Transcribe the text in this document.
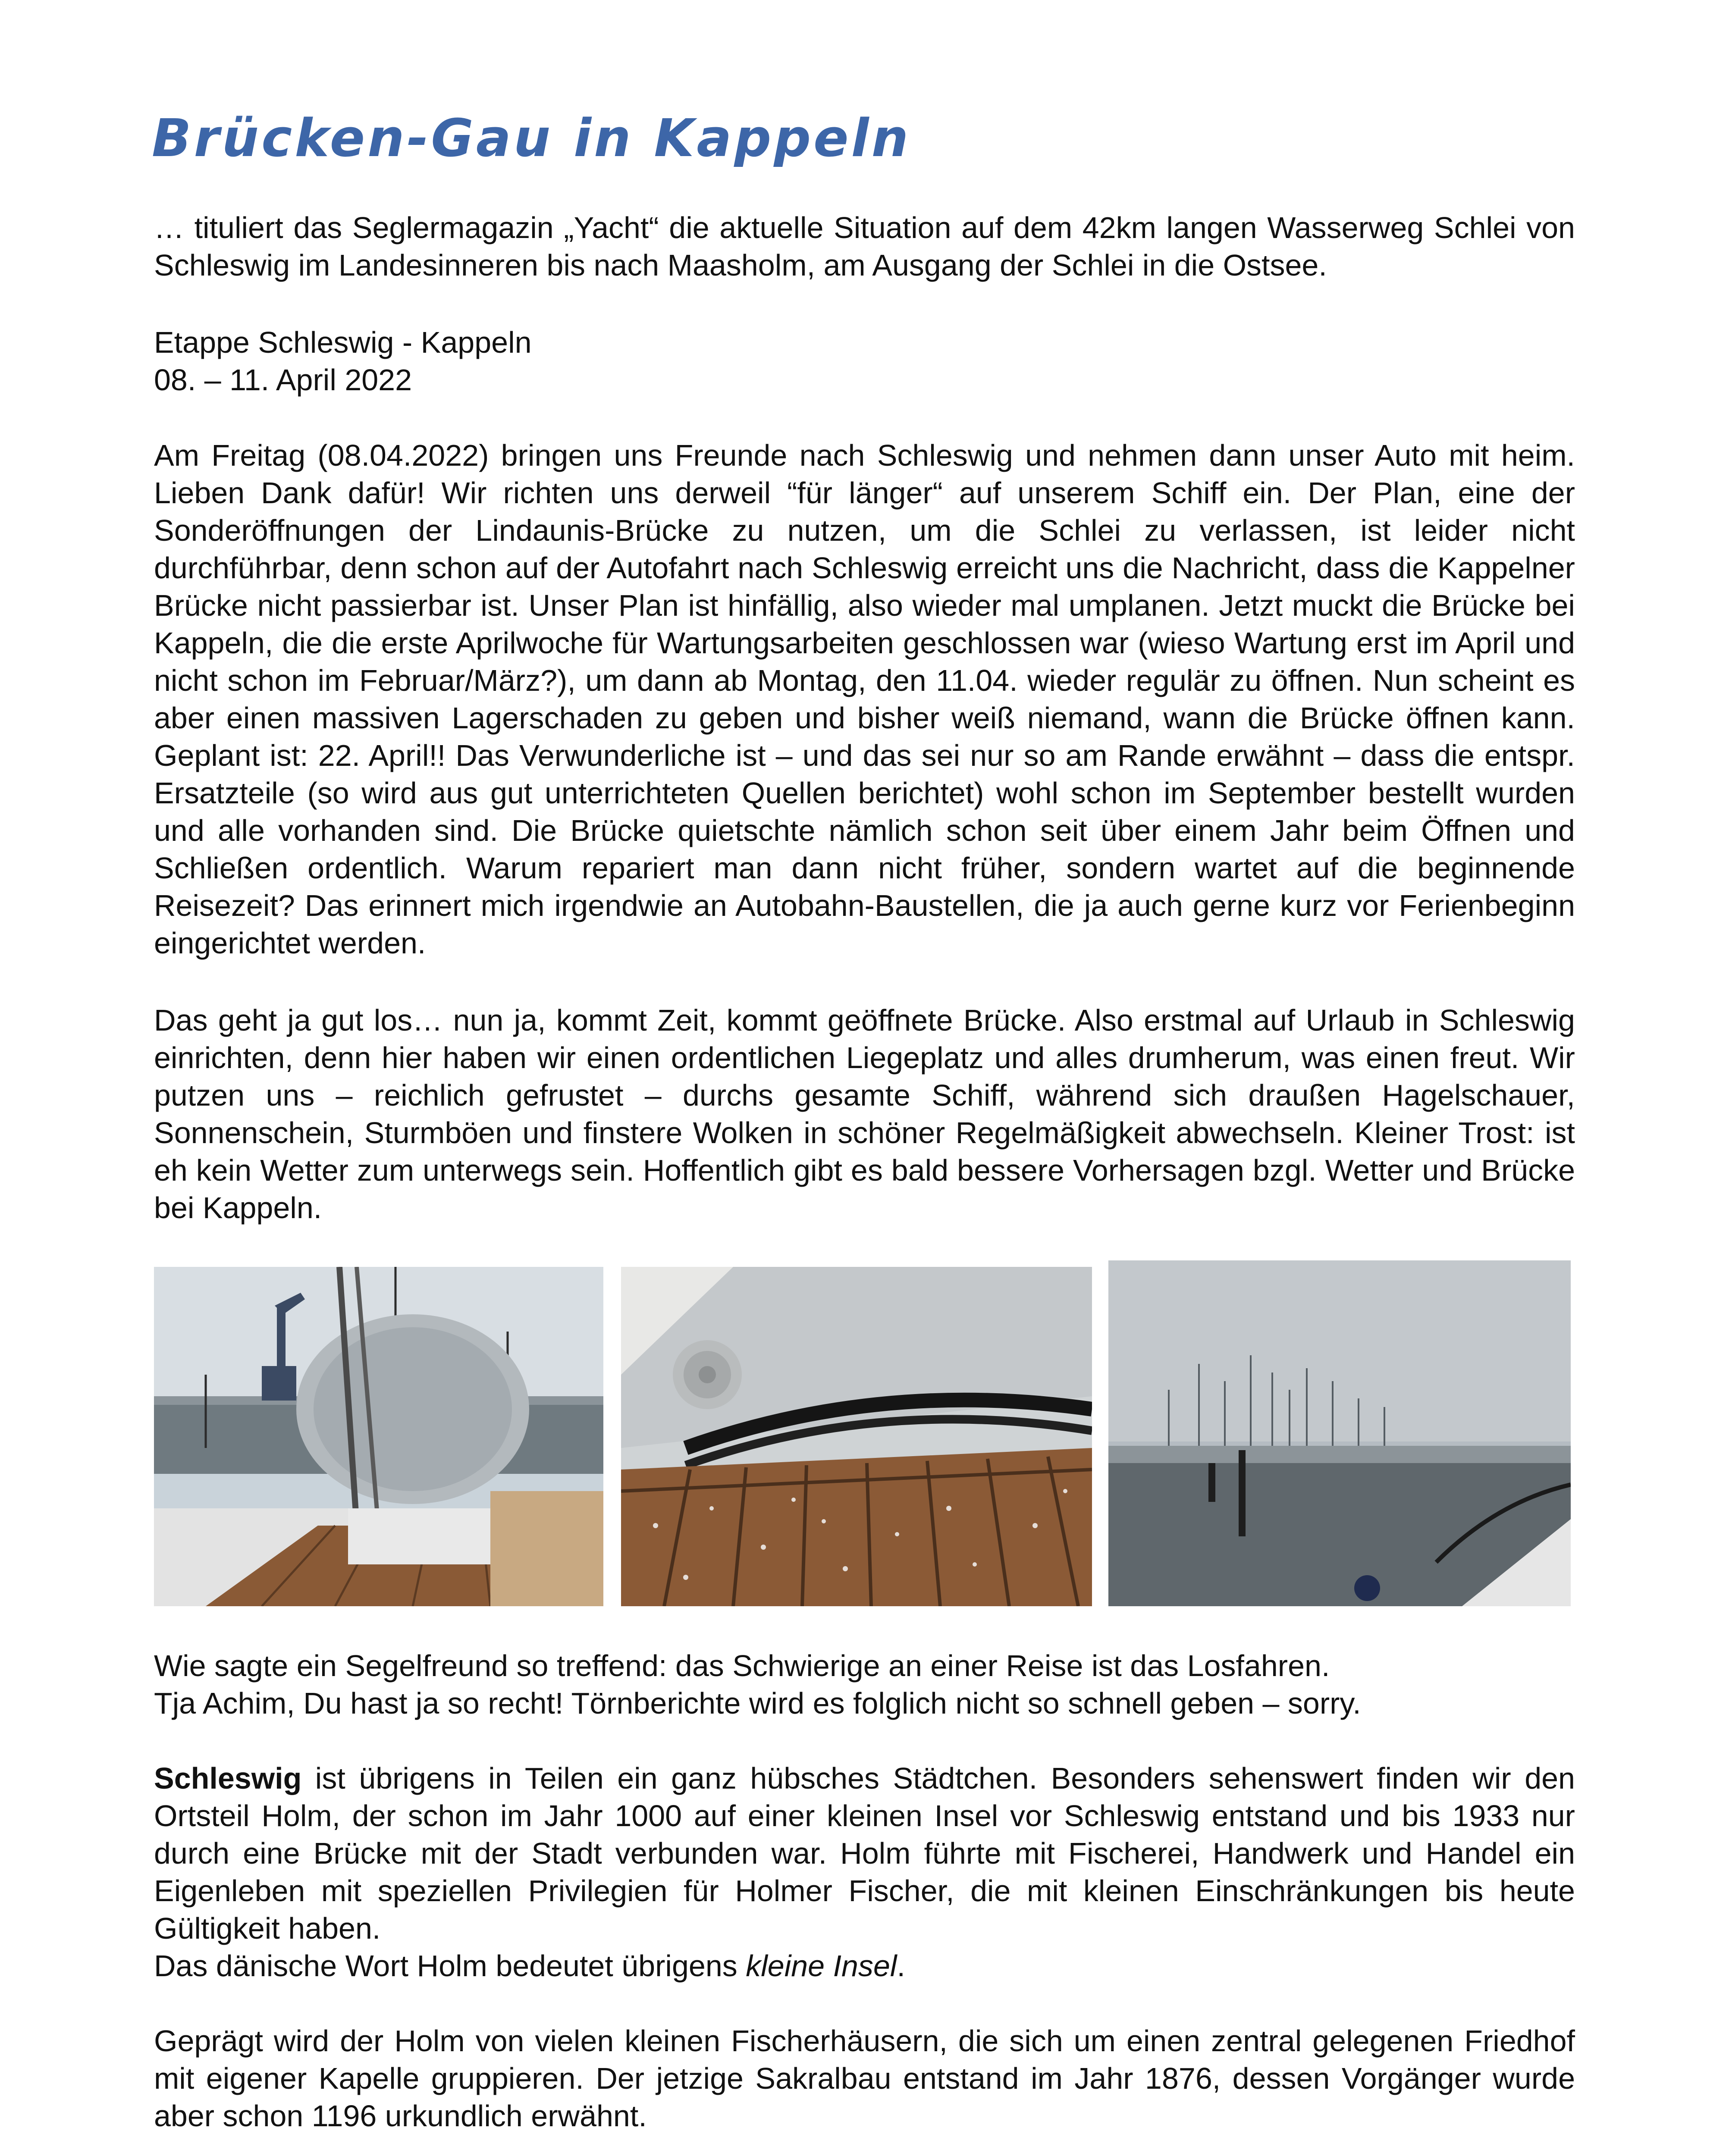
Brücken-Gau in Kappeln

… tituliert das Seglermagazin „Yacht“ die aktuelle Situation auf dem 42km langen Wasserweg Schlei von Schleswig im Landesinneren bis nach Maasholm, am Ausgang der Schlei in die Ostsee.

Etappe Schleswig - Kappeln
08. – 11. April 2022

Am Freitag (08.04.2022) bringen uns Freunde nach Schleswig und nehmen dann unser Auto mit heim. Lieben Dank dafür! Wir richten uns derweil “für länger“ auf unserem Schiff ein. Der Plan, eine der Sonderöffnungen der Lindaunis-Brücke zu nutzen, um die Schlei zu verlassen, ist leider nicht durchführbar, denn schon auf der Autofahrt nach Schleswig erreicht uns die Nachricht, dass die Kappelner Brücke nicht passierbar ist. Unser Plan ist hinfällig, also wieder mal umplanen. Jetzt muckt die Brücke bei Kappeln, die die erste Aprilwoche für Wartungsarbeiten geschlossen war (wieso Wartung erst im April und nicht schon im Februar/März?), um dann ab Montag, den 11.04. wieder regulär zu öffnen. Nun scheint es aber einen massiven Lagerschaden zu geben und bisher weiß niemand, wann die Brücke öffnen kann. Geplant ist: 22. April!! Das Verwunderliche ist – und das sei nur so am Rande erwähnt – dass die entspr. Ersatzteile (so wird aus gut unterrichteten Quellen berichtet) wohl schon im September bestellt wurden und alle vorhanden sind. Die Brücke quietschte nämlich schon seit über einem Jahr beim Öffnen und Schließen ordentlich. Warum repariert man dann nicht früher, sondern wartet auf die beginnende Reisezeit? Das erinnert mich irgendwie an Autobahn-Baustellen, die ja auch gerne kurz vor Ferienbeginn eingerichtet werden.

Das geht ja gut los… nun ja, kommt Zeit, kommt geöffnete Brücke. Also erstmal auf Urlaub in Schleswig einrichten, denn hier haben wir einen ordentlichen Liegeplatz und alles drumherum, was einen freut. Wir putzen uns – reichlich gefrustet – durchs gesamte Schiff, während sich draußen Hagelschauer, Sonnenschein, Sturmböen und finstere Wolken in schöner Regelmäßigkeit abwechseln. Kleiner Trost: ist eh kein Wetter zum unterwegs sein. Hoffentlich gibt es bald bessere Vorhersagen bzgl. Wetter und Brücke bei Kappeln.

Wie sagte ein Segelfreund so treffend: das Schwierige an einer Reise ist das Losfahren.
Tja Achim, Du hast ja so recht! Törnberichte wird es folglich nicht so schnell geben – sorry.

Schleswig ist übrigens in Teilen ein ganz hübsches Städtchen. Besonders sehenswert finden wir den Ortsteil Holm, der schon im Jahr 1000 auf einer kleinen Insel vor Schleswig entstand und bis 1933 nur durch eine Brücke mit der Stadt verbunden war. Holm führte mit Fischerei, Handwerk und Handel ein Eigenleben mit speziellen Privilegien für Holmer Fischer, die mit kleinen Einschränkungen bis heute Gültigkeit haben.
Das dänische Wort Holm bedeutet übrigens kleine Insel.

Geprägt wird der Holm von vielen kleinen Fischerhäusern, die sich um einen zentral gelegenen Friedhof mit eigener Kapelle gruppieren. Der jetzige Sakralbau entstand im Jahr 1876, dessen Vorgänger wurde aber schon 1196 urkundlich erwähnt.
